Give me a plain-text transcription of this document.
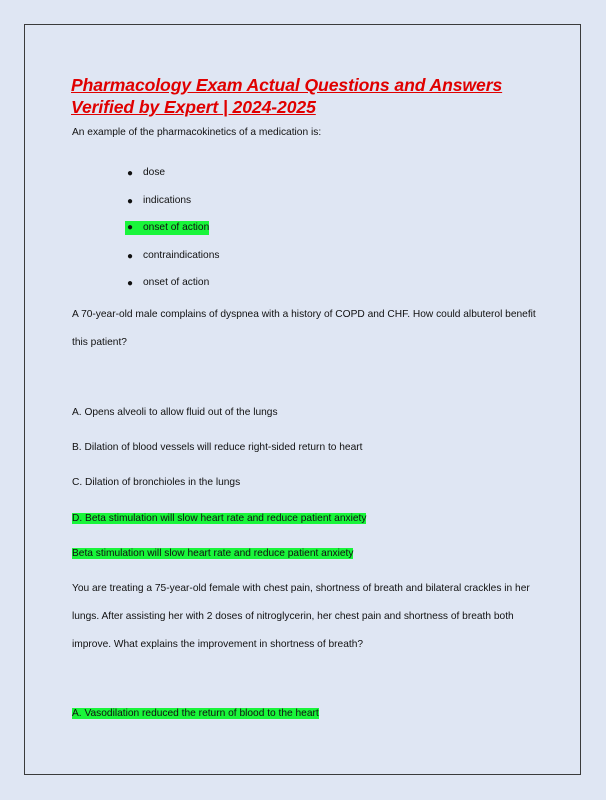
Pharmacology Exam Actual Questions and Answers Verified by Expert | 2024-2025

An example of the pharmacokinetics of a medication is:

● dose
● indications
● onset of action
● contraindications
● onset of action

A 70-year-old male complains of dyspnea with a history of COPD and CHF. How could albuterol benefit

this patient?

A. Opens alveoli to allow fluid out of the lungs

B. Dilation of blood vessels will reduce right-sided return to heart

C. Dilation of bronchioles in the lungs

D. Beta stimulation will slow heart rate and reduce patient anxiety

Beta stimulation will slow heart rate and reduce patient anxiety

You are treating a 75-year-old female with chest pain, shortness of breath and bilateral crackles in her

lungs. After assisting her with 2 doses of nitroglycerin, her chest pain and shortness of breath both

improve. What explains the improvement in shortness of breath?

A. Vasodilation reduced the return of blood to the heart
